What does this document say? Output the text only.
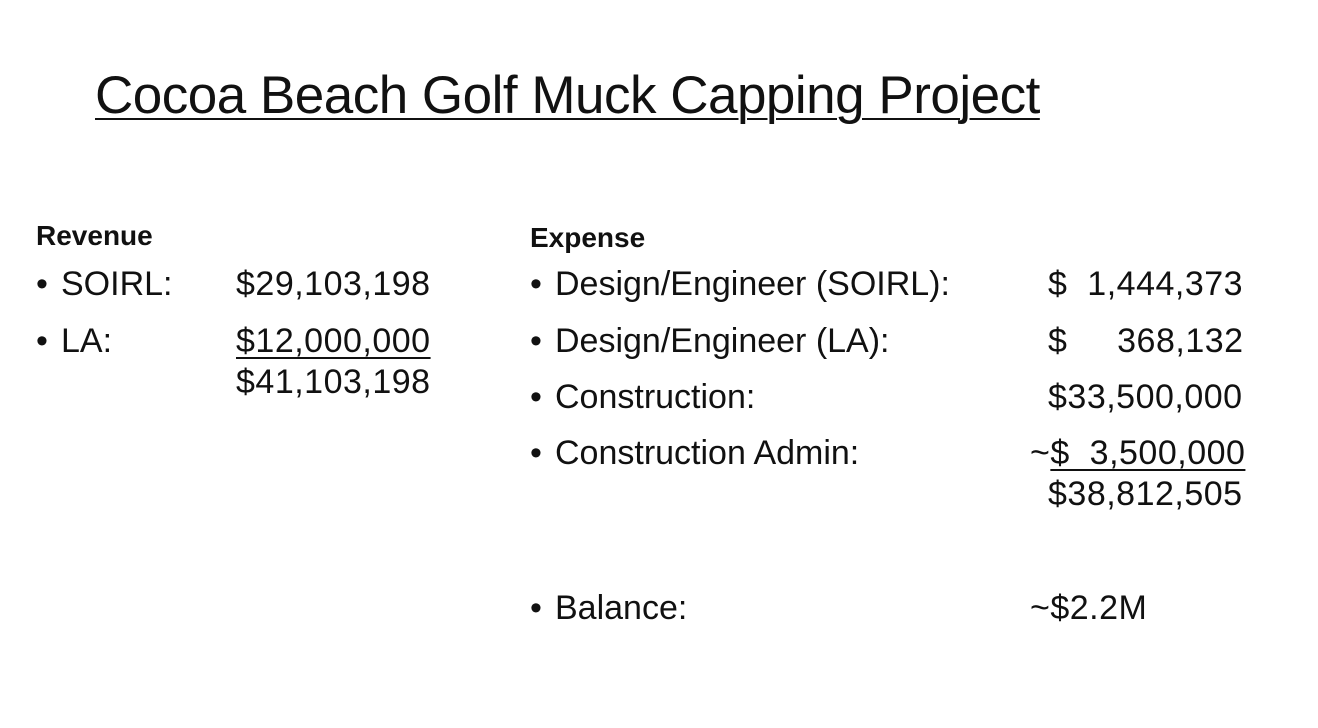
Cocoa Beach Golf Muck Capping Project
Revenue
• SOIRL: $29,103,198
• LA:	$12,000,000
$41,103,198
Expense
• Design/Engineer (SOIRL):	$  1,444,373
• Design/Engineer (LA):	$     368,132
• Construction:	$33,500,000
• Construction Admin:	~$  3,500,000
$38,812,505
• Balance:	~$2.2M
